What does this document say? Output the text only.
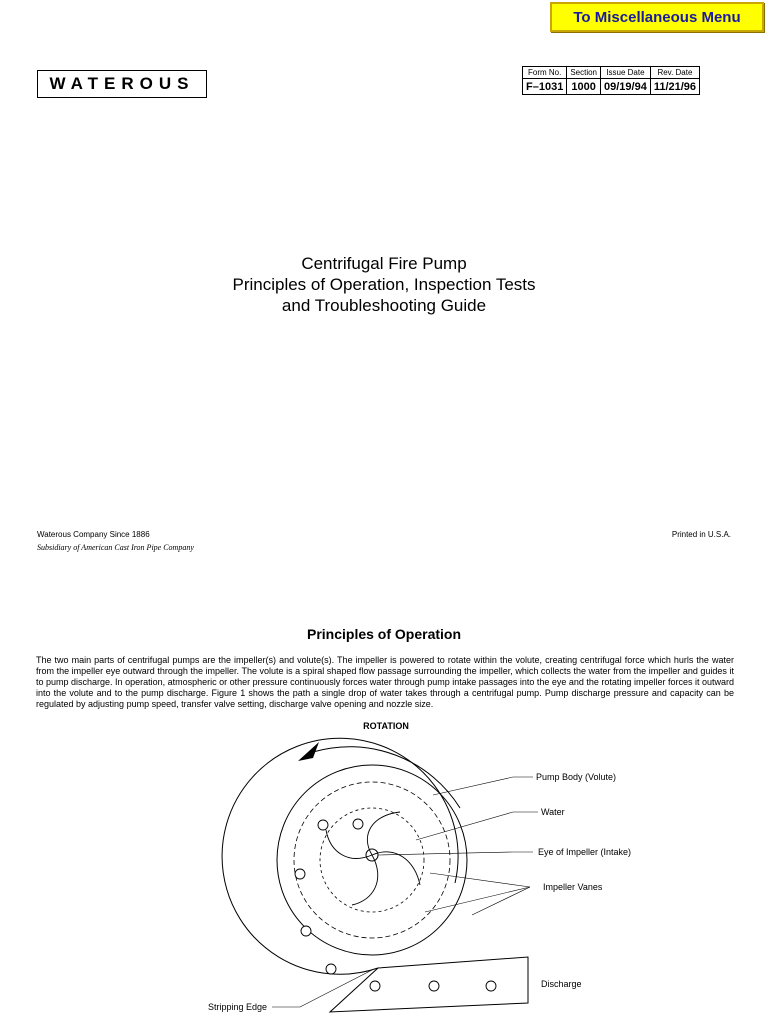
To Miscellaneous Menu
WATEROUS
Form No.	Section	Issue Date	Rev. Date
F–1031	1000	09/19/94	11/21/96
Centrifugal Fire Pump
Principles of Operation, Inspection Tests
and Troubleshooting Guide
Waterous Company Since 1886
Subsidiary of American Cast Iron Pipe Company
Printed in U.S.A.
Principles of Operation
The two main parts of centrifugal pumps are the impeller(s) and volute(s). The impeller is powered to rotate within the volute, creating centrifugal force which hurls the water from the impeller eye outward through the impeller. The volute is a spiral shaped flow passage surrounding the impeller, which collects the water from the impeller and guides it to pump discharge. In operation, atmospheric or other pressure continuously forces water through pump intake passages into the eye and the rotating impeller forces it outward into the volute and to the pump discharge. Figure 1 shows the path a single drop of water takes through a centrifugal pump. Pump discharge pressure and capacity can be regulated by adjusting pump speed, transfer valve setting, discharge valve opening and nozzle size.
ROTATION
Pump Body (Volute)
Water
Eye of Impeller (Intake)
Impeller Vanes
Discharge
Stripping Edge
